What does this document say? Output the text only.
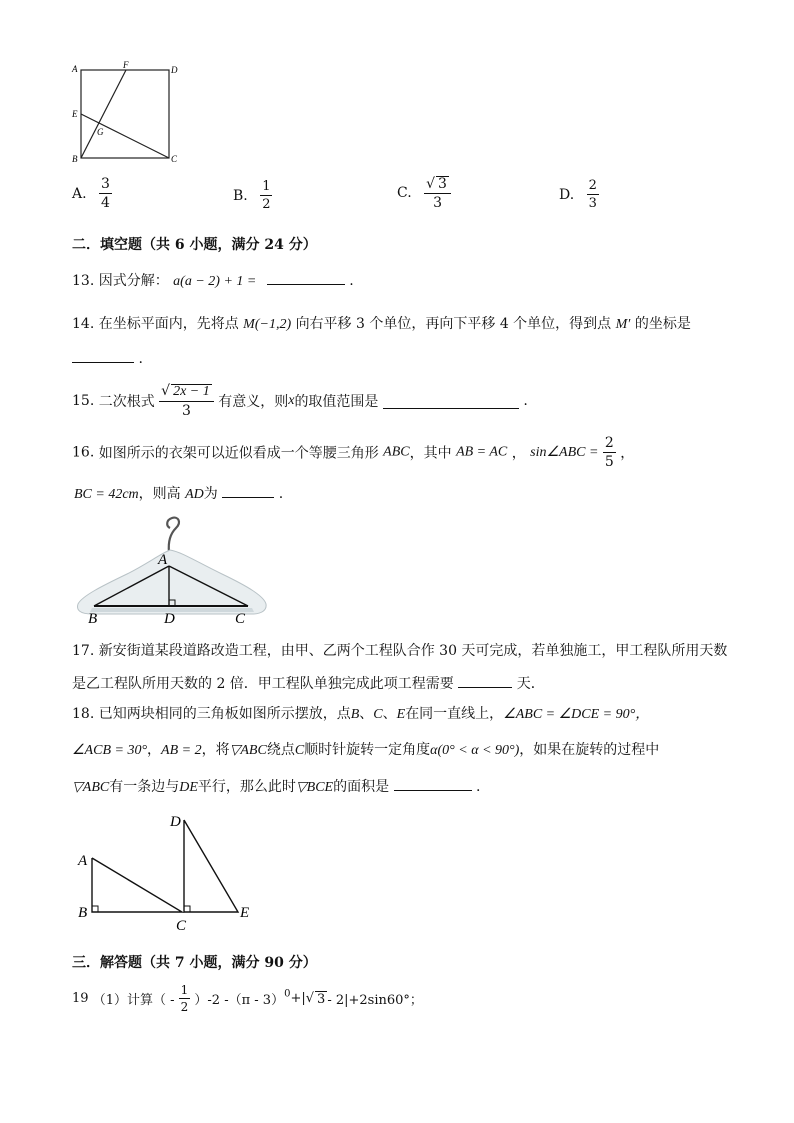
A	F	D
E
G
B	C
A. $\frac{3}{4}$	B. $\frac{1}{2}$	C. $\frac{√ 3}{3}$	D. $\frac{2}{3}$
二．填空题（共 6 小题，满分 24 分）
13. 因式分解： a(a − 2) + 1 =	.
14. 在坐标平面内，先将点 M(−1,2) 向右平移 3 个单位，再向下平移 4 个单位，得到点 M′ 的坐标是
.
15. 二次根式 $\frac{√ 2x - 1}{3}$ 有意义，则x的取值范围是	.
16. 如图所示的衣架可以近似看成一个等腰三角形 ABC，其中 AB = AC ， sin∠ABC = $\frac{2}{5}$ ，
BC = 42cm，则高 AD为	.
A
B	D	C
17. 新安街道某段道路改造工程，由甲、乙两个工程队合作 30 天可完成，若单独施工，甲工程队所用天数
是乙工程队所用天数的 2 倍．甲工程队单独完成此项工程需要	天．
18. 已知两块相同的三角板如图所示摆放，点B、C、E在同一直线上，∠ABC = ∠DCE = 90°，
∠ACB = 30°，AB = 2，将▽ABC绕点C顺时针旋转一定角度α(0° < α < 90°)，如果在旋转的过程中
▽ABC有一条边与DE平行，那么此时▽BCE的面积是	.
D
A
B
C
E
三．解答题（共 7 小题，满分 90 分）
19 （1）计算（ - $\frac{1}{2} )-2$ -（π - 3）$^0$+|√ 3 - 2|+2sin60°；
